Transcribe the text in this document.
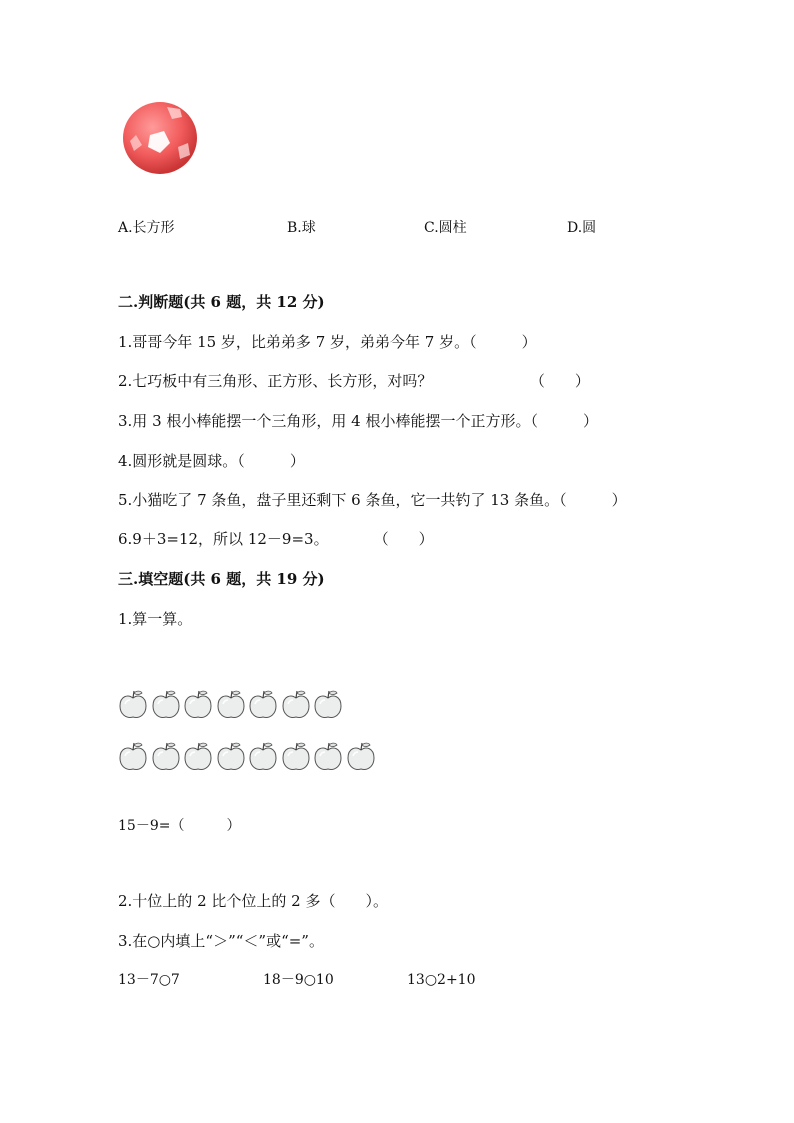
A.长方形	B.球	C.圆柱	D.圆
二.判断题(共 6 题，共 12 分)
1.哥哥今年 15 岁，比弟弟多 7 岁，弟弟今年 7 岁。（　　　）
2.七巧板中有三角形、正方形、长方形，对吗？　　　　　　　（　　）
3.用 3 根小棒能摆一个三角形，用 4 根小棒能摆一个正方形。（　　　）
4.圆形就是圆球。（　　　）
5.小猫吃了 7 条鱼，盘子里还剩下 6 条鱼，它一共钓了 13 条鱼。（　　　）
6.9＋3=12，所以 12－9=3。　　　　（　　）
三.填空题(共 6 题，共 19 分)
1.算一算。
15－9=（　　　）
2.十位上的 2 比个位上的 2 多（　　）。
3.在○内填上“＞”“＜”或“=”。
13－7○7	18－9○10	13○2+10
